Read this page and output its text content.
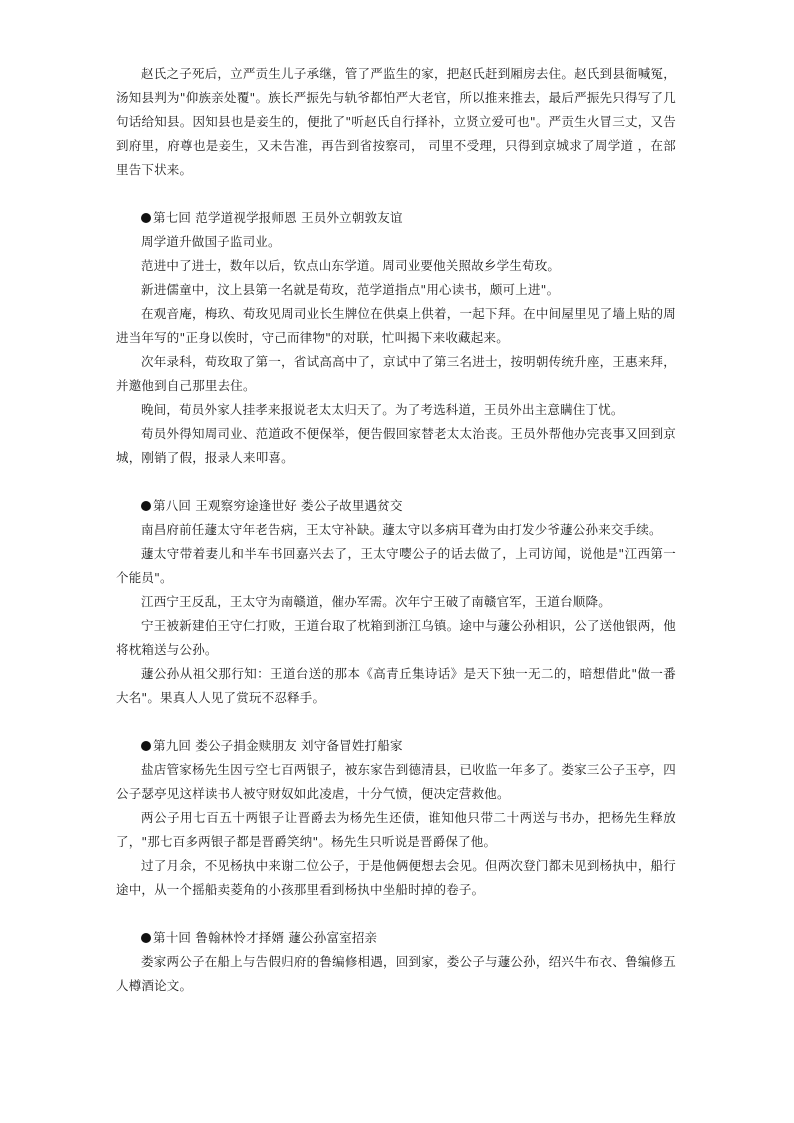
赵氏之子死后，立严贡生儿子承继，管了严监生的家，把赵氏赶到厢房去住。赵氏到县衙喊冤，汤知县判为"仰族亲处覆"。族长严振先与轨爷都怕严大老官，所以推来推去，最后严振先只得写了几句话给知县。因知县也是妾生的，便批了"听赵氏自行择䃼，立贤立爱可也"。严贡生火冒三丈，又告到府里，府尊也是妾生，又未告准，再告到省按察司， 司里不受理，只得到京城求了周学道 ，在部里告下状来。

第七回 范学道视学报师恩 王员外立朝敦友谊

周学道升做国子监司业。

范进中了进士，数年以后，钦点山东学道。周司业要他关照故乡学生荀玫。

新进儒童中，汶上县第一名就是荀玫，范学道指点"用心读书，颇可上进"。

在观音庵，梅玖、荀玫见周司业长生牌位在供桌上供着，一起下拜。在中间屋里见了墙上贴的周进当年写的"正身以俟时，守己而律物"的对联，忙叫揭下来收藏起来。

次年录科，荀玫取了第一，省试高高中了，京试中了第三名进士，按明朝传统升座，王惠来拜，并邀他到自己那里去住。

晚间，荀员外家人挂孝来报说老太太归天了。为了考选科道，王员外出主意瞒住丁忧。

荀员外得知周司业、范道政不便保举，便告假回家替老太太治丧。王员外帮他办完丧事又回到京城，刚销了假，报录人来叩喜。

第八回 王观察穷途逢世好 娄公子故里遇贫交

南昌府前任蘧太守年老告病，王太守补缺。蘧太守以多病耳聋为由打发少爷蘧公孙来交手续。

蘧太守带着妻儿和半车书回嘉兴去了，王太守嘤公子的话去做了，上司访闻，说他是"江西第一个能员"。

江西宁王反乱，王太守为南赣道，催办军需。次年宁王破了南赣官军，王道台顺降。

宁王被新建伯王守仁打败，王道台取了枕箱到浙江乌镇。途中与蘧公孙相识，公了送他银两，他将枕箱送与公孙。

蘧公孙从祖父那行知：王道台送的那本《高青丘集诗话》是天下独一无二的，暗想借此"做一番大名"。果真人人见了赏玩不忍释手。

第九回 娄公子捐金赎朋友 刘守备冒姓打船家

盐店管家杨先生因亏空七百两银子，被东家告到德清县，已收监一年多了。娄家三公子玉亭，四公子瑟亭见这样读书人被守财奴如此凌虐，十分气愤，便决定营救他。

两公子用七百五十两银子让晋爵去为杨先生还债，谁知他只带二十两送与书办，把杨先生释放了，"那七百多两银子都是晋爵笑纳"。杨先生只听说是晋爵保了他。

过了月余，不见杨执中来谢二位公子，于是他俩便想去会见。但两次登门都未见到杨执中，船行途中，从一个摇船卖菱角的小孩那里看到杨执中坐船时掉的卷子。

第十回 鲁翰林怜才择婿 蘧公孙富室招亲

娄家两公子在船上与告假归府的鲁编修相遇，回到家，娄公子与蘧公孙，绍兴牛布衣、鲁编修五人樽酒论文。
